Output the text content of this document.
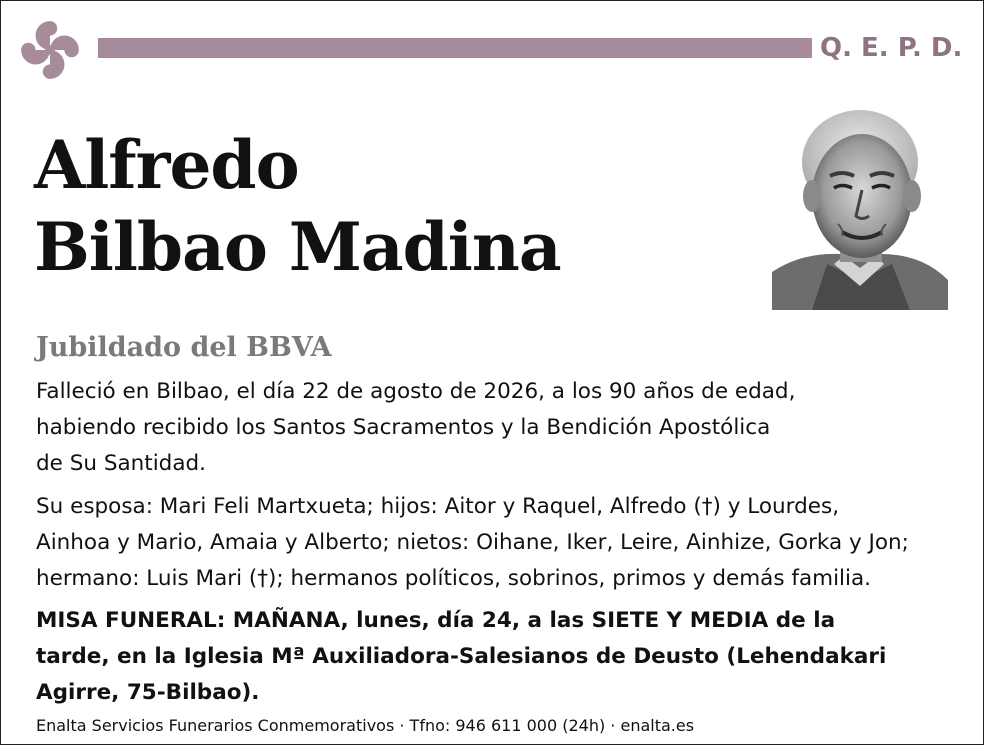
Q. E. P. D.
Alfredo
Bilbao Madina
Jubildado del BBVA
Falleció en Bilbao, el día 22 de agosto de 2026, a los 90 años de edad,
habiendo recibido los Santos Sacramentos y la Bendición Apostólica
de Su Santidad.
Su esposa: Mari Feli Martxueta; hijos: Aitor y Raquel, Alfredo (†) y Lourdes,
Ainhoa y Mario, Amaia y Alberto; nietos: Oihane, Iker, Leire, Ainhize, Gorka y Jon;
hermano: Luis Mari (†); hermanos políticos, sobrinos, primos y demás familia.
MISA FUNERAL: MAÑANA, lunes, día 24, a las SIETE Y MEDIA de la
tarde, en la Iglesia Mª Auxiliadora-Salesianos de Deusto (Lehendakari
Agirre, 75-Bilbao).
Enalta Servicios Funerarios Conmemorativos · Tfno: 946 611 000 (24h) · enalta.es
